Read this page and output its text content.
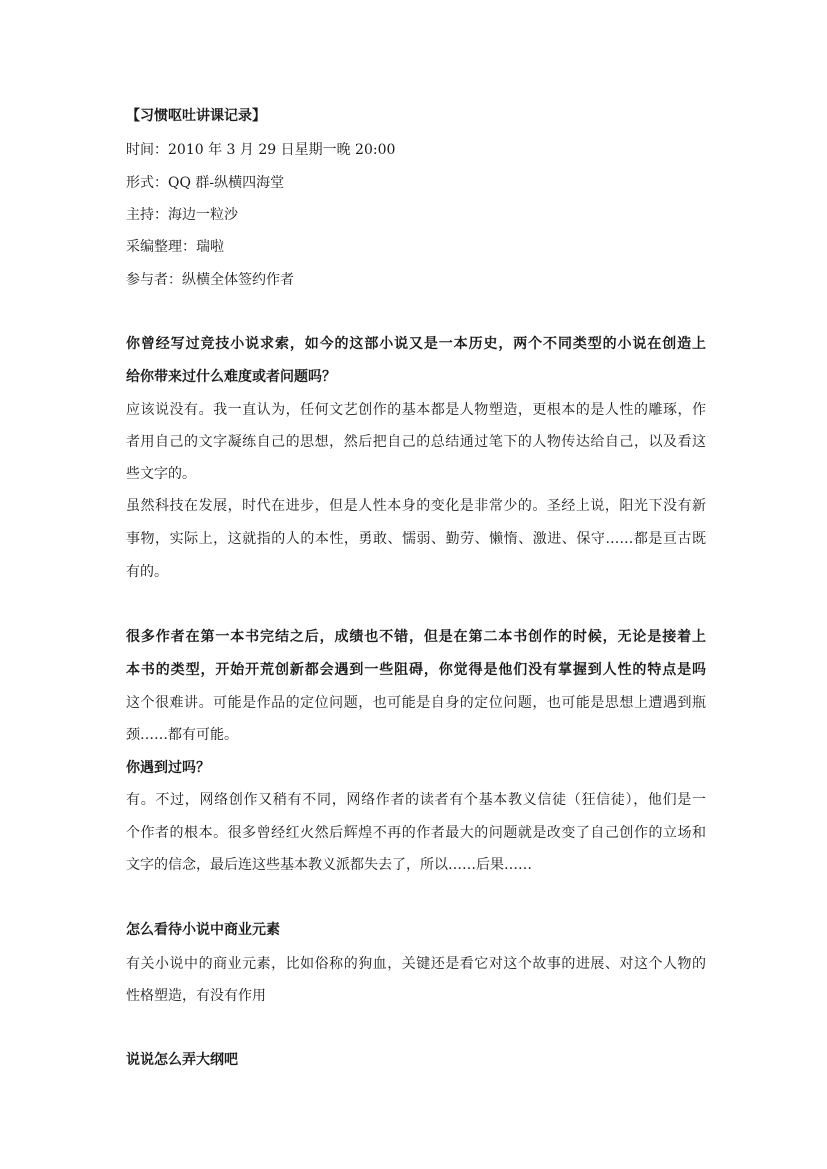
【习惯呕吐讲课记录】
时间：2010 年 3 月 29 日星期一晚 20:00
形式：QQ 群-纵横四海堂
主持：海边一粒沙
采编整理：瑞啦
参与者：纵横全体签约作者
你曾经写过竞技小说求索，如今的这部小说又是一本历史，两个不同类型的小说在创造上
给你带来过什么难度或者问题吗？
应该说没有。我一直认为，任何文艺创作的基本都是人物塑造，更根本的是人性的雕琢，作
者用自己的文字凝练自己的思想，然后把自己的总结通过笔下的人物传达给自己，以及看这
些文字的。
虽然科技在发展，时代在进步，但是人性本身的变化是非常少的。圣经上说，阳光下没有新
事物，实际上，这就指的人的本性，勇敢、懦弱、勤劳、懒惰、激进、保守……都是亘古既
有的。
很多作者在第一本书完结之后，成绩也不错，但是在第二本书创作的时候，无论是接着上
本书的类型，开始开荒创新都会遇到一些阻碍，你觉得是他们没有掌握到人性的特点是吗
这个很难讲。可能是作品的定位问题，也可能是自身的定位问题，也可能是思想上遭遇到瓶
颈……都有可能。
你遇到过吗？
有。不过，网络创作又稍有不同，网络作者的读者有个基本教义信徒（狂信徒），他们是一
个作者的根本。很多曾经红火然后辉煌不再的作者最大的问题就是改变了自己创作的立场和
文字的信念，最后连这些基本教义派都失去了，所以……后果……
怎么看待小说中商业元素
有关小说中的商业元素，比如俗称的狗血，关键还是看它对这个故事的进展、对这个人物的
性格塑造，有没有作用
说说怎么弄大纲吧
